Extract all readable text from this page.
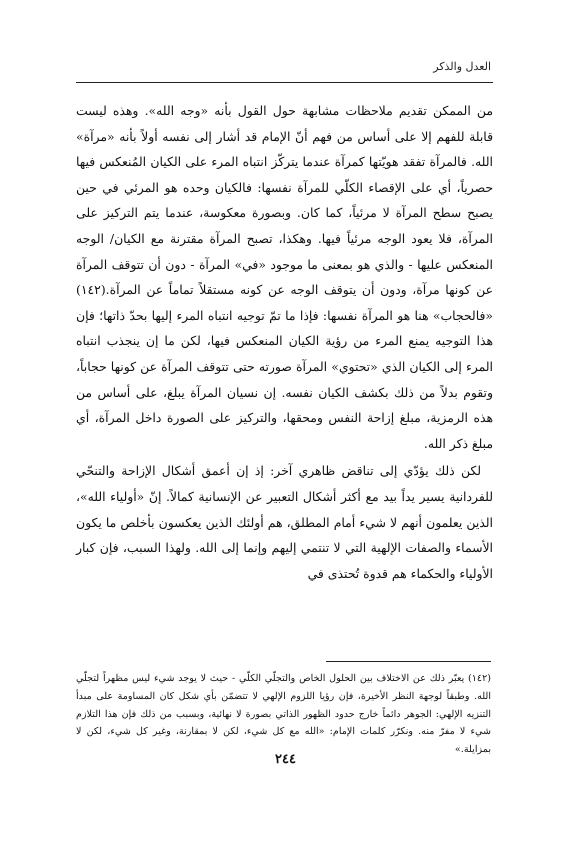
العدل والذكر

من الممكن تقديم ملاحظات مشابهة حول القول بأنه «وجه الله». وهذه ليست قابلة للفهم إلا على أساس من فهم أنّ الإمام قد أشار إلى نفسه أولاً بأنه «مرآة» الله. فالمرآة تفقد هويّتها كمرآة عندما يتركّز انتباه المرء على الكيان المُنعكس فيها حصرياً، أي على الإقصاء الكلّي للمرآة نفسها: فالكيان وحده هو المرئي في حين يصبح سطح المرآة لا مرئياً، كما كان. وبصورة معكوسة، عندما يتم التركيز على المرآة، فلا يعود الوجه مرئياً فيها. وهكذا، تصبح المرآة مقترنة مع الكيان/ الوجه المنعكس عليها - والذي هو بمعنى ما موجود «في» المرآة - دون أن تتوقف المرآة عن كونها مرآة، ودون أن يتوقف الوجه عن كونه مستقلاً تماماً عن المرآة.(١٤٢) «فالحجاب» هنا هو المرآة نفسها: فإذا ما تمّ توجيه انتباه المرء إليها بحدّ ذاتها؛ فإن هذا التوجيه يمنع المرء من رؤية الكيان المنعكس فيها، لكن ما إن ينجذب انتباه المرء إلى الكيان الذي «تحتوي» المرآة صورته حتى تتوقف المرآة عن كونها حجاباً، وتقوم بدلاً من ذلك بكشف الكيان نفسه. إن نسيان المرآة يبلغ، على أساس من هذه الرمزية، مبلغ إزاحة النفس ومحقها، والتركيز على الصورة داخل المرآة، أي مبلغ ذكر الله.

لكن ذلك يؤدّي إلى تناقض ظاهري آخر: إذ إن أعمق أشكال الإزاحة والتنحّي للفردانية يسير يداً بيد مع أكثر أشكال التعبير عن الإنسانية كمالاً. إنّ «أولياء الله»، الذين يعلمون أنهم لا شيء أمام المطلق، هم أولئك الذين يعكسون بأخلص ما يكون الأسماء والصفات الإلهية التي لا تنتمي إليهم وإنما إلى الله. ولهذا السبب، فإن كبار الأولياء والحكماء هم قدوة تُحتذى في

(١٤٢) يعبّر ذلك عن الاختلاف بين الحلول الخاص والتجلّي الكلّي - حيث لا يوجد شيء ليس مظهراً لتجلّي الله. وطبقاً لوجهة النظر الأخيرة، فإن رؤيا اللزوم الإلهي لا تتضمّن بأي شكل كان المساومة على مبدأ التنزيه الإلهي: الجوهر دائماً خارج حدود الظهور الذاتي بصورة لا نهائية، وبسبب من ذلك فإن هذا التلازم شيء لا مفرّ منه. ونكرّر كلمات الإمام: «الله مع كل شيء، لكن لا بمقارنة، وغير كل شيء، لكن لا بمزايلة.»
٢٤٤
